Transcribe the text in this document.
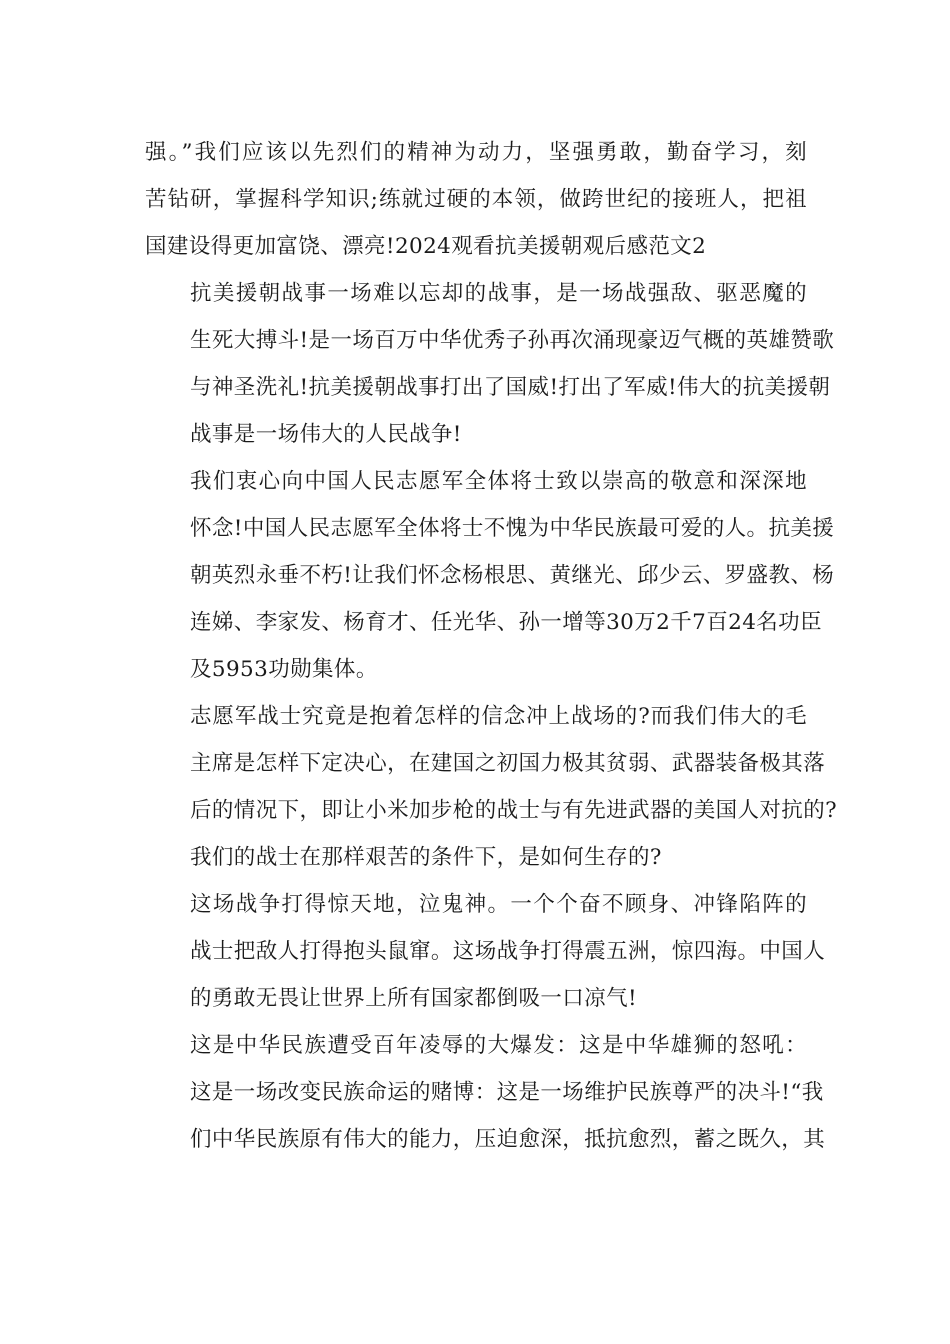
强。”我们应该以先烈们的精神为动力，坚强勇敢，勤奋学习，刻
苦钻研，掌握科学知识;练就过硬的本领，做跨世纪的接班人，把祖
国建设得更加富饶、漂亮!2024观看抗美援朝观后感范文2

抗美援朝战事一场难以忘却的战事，是一场战强敌、驱恶魔的
生死大搏斗!是一场百万中华优秀子孙再次涌现豪迈气概的英雄赞歌
与神圣洗礼!抗美援朝战事打出了国威!打出了军威!伟大的抗美援朝
战事是一场伟大的人民战争!

我们衷心向中国人民志愿军全体将士致以崇高的敬意和深深地
怀念!中国人民志愿军全体将士不愧为中华民族最可爱的人。抗美援
朝英烈永垂不朽!让我们怀念杨根思、黄继光、邱少云、罗盛教、杨
连娣、李家发、杨育才、任光华、孙一增等30万2千7百24名功臣
及5953功勋集体。

志愿军战士究竟是抱着怎样的信念冲上战场的?而我们伟大的毛
主席是怎样下定决心，在建国之初国力极其贫弱、武器装备极其落
后的情况下，即让小米加步枪的战士与有先进武器的美国人对抗的?
我们的战士在那样艰苦的条件下，是如何生存的?

这场战争打得惊天地，泣鬼神。一个个奋不顾身、冲锋陷阵的
战士把敌人打得抱头鼠窜。这场战争打得震五洲，惊四海。中国人
的勇敢无畏让世界上所有国家都倒吸一口凉气!

这是中华民族遭受百年凌辱的大爆发：这是中华雄狮的怒吼：
这是一场改变民族命运的赌博：这是一场维护民族尊严的决斗!“我
们中华民族原有伟大的能力，压迫愈深，抵抗愈烈，蓄之既久，其
